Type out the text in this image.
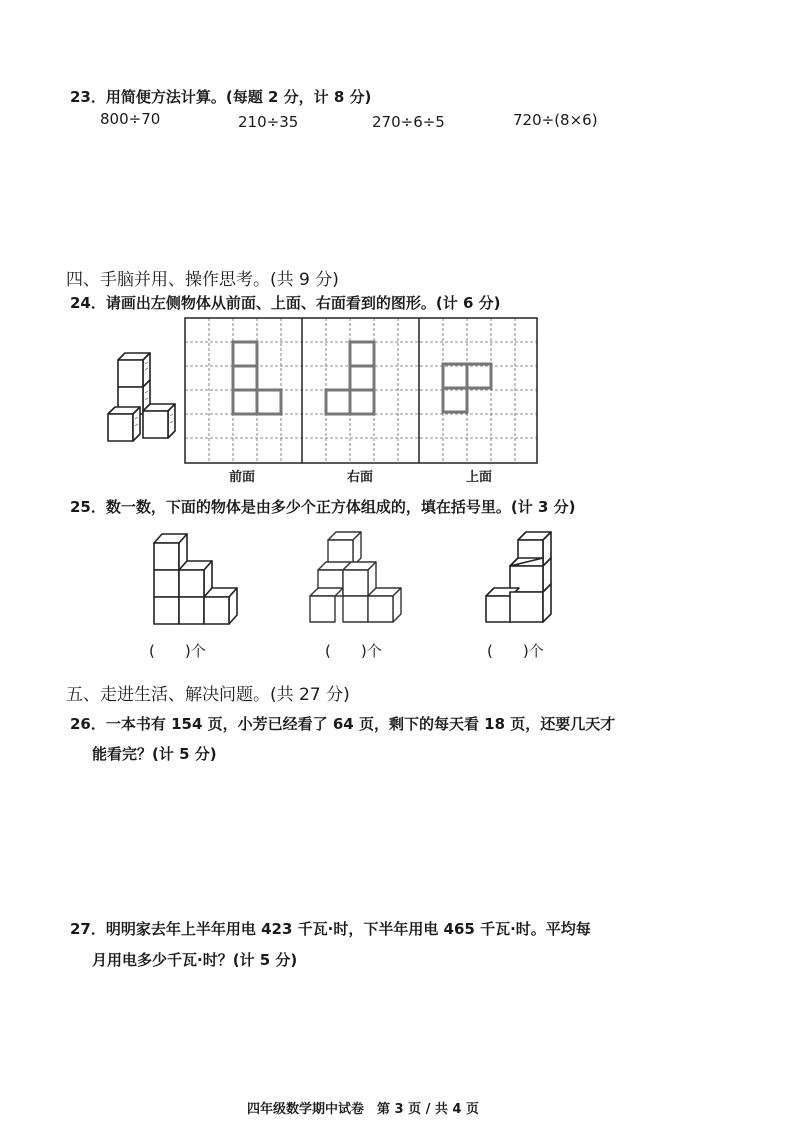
23．用简便方法计算。(每题 2 分，计 8 分)
800÷70	210÷35	270÷6÷5	720÷(8×6)
四、手脑并用、操作思考。(共 9 分)
24．请画出左侧物体从前面、上面、右面看到的图形。(计 6 分)
前面	右面	上面
25．数一数，下面的物体是由多少个正方体组成的，填在括号里。(计 3 分)
(　　)个	(　　)个	(　　)个
五、走进生活、解决问题。(共 27 分)
26．一本书有 154 页，小芳已经看了 64 页，剩下的每天看 18 页，还要几天才
能看完？(计 5 分)
27．明明家去年上半年用电 423 千瓦·时，下半年用电 465 千瓦·时。平均每
月用电多少千瓦·时？(计 5 分)
四年级数学期中试卷　第 3 页 / 共 4 页
